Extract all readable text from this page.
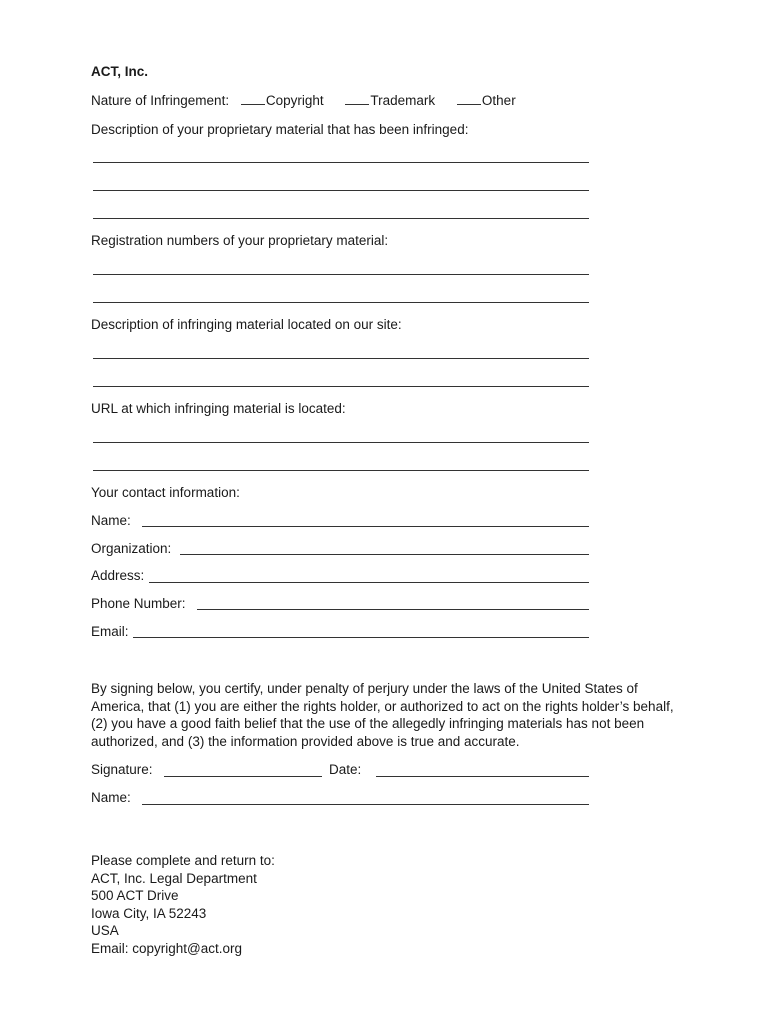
ACT, Inc.
Nature of Infringement:	Copyright	Trademark	Other
Description of your proprietary material that has been infringed:
Registration numbers of your proprietary material:
Description of infringing material located on our site:
URL at which infringing material is located:
Your contact information:
Name:
Organization:
Address:
Phone Number:
Email:
By signing below, you certify, under penalty of perjury under the laws of the United States of America, that (1) you are either the rights holder, or authorized to act on the rights holder’s behalf, (2) you have a good faith belief that the use of the allegedly infringing materials has not been authorized, and (3) the information provided above is true and accurate.
Signature:	Date:
Name:
Please complete and return to:
ACT, Inc. Legal Department
500 ACT Drive
Iowa City, IA 52243
USA
Email: copyright@act.org
